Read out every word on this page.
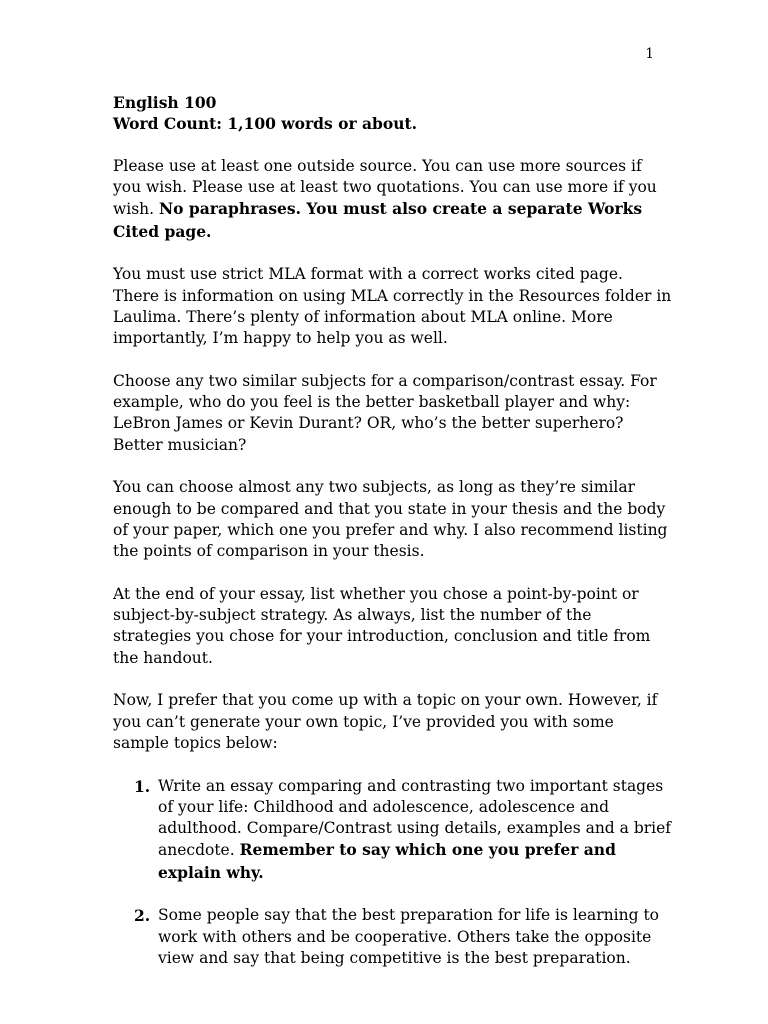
1
English 100
Word Count: 1,100 words or about.

Please use at least one outside source. You can use more sources if you wish. Please use at least two quotations. You can use more if you wish. No paraphrases. You must also create a separate Works Cited page.

You must use strict MLA format with a correct works cited page. There is information on using MLA correctly in the Resources folder in Laulima. There’s plenty of information about MLA online. More importantly, I’m happy to help you as well.

Choose any two similar subjects for a comparison/contrast essay. For example, who do you feel is the better basketball player and why: LeBron James or Kevin Durant? OR, who’s the better superhero? Better musician?

You can choose almost any two subjects, as long as they’re similar enough to be compared and that you state in your thesis and the body of your paper, which one you prefer and why. I also recommend listing the points of comparison in your thesis.

At the end of your essay, list whether you chose a point-by-point or subject-by-subject strategy. As always, list the number of the strategies you chose for your introduction, conclusion and title from the handout.

Now, I prefer that you come up with a topic on your own. However, if you can’t generate your own topic, I’ve provided you with some sample topics below:

1. Write an essay comparing and contrasting two important stages of your life: Childhood and adolescence, adolescence and adulthood. Compare/Contrast using details, examples and a brief anecdote. Remember to say which one you prefer and explain why.
2. Some people say that the best preparation for life is learning to work with others and be cooperative. Others take the opposite view and say that being competitive is the best preparation.
